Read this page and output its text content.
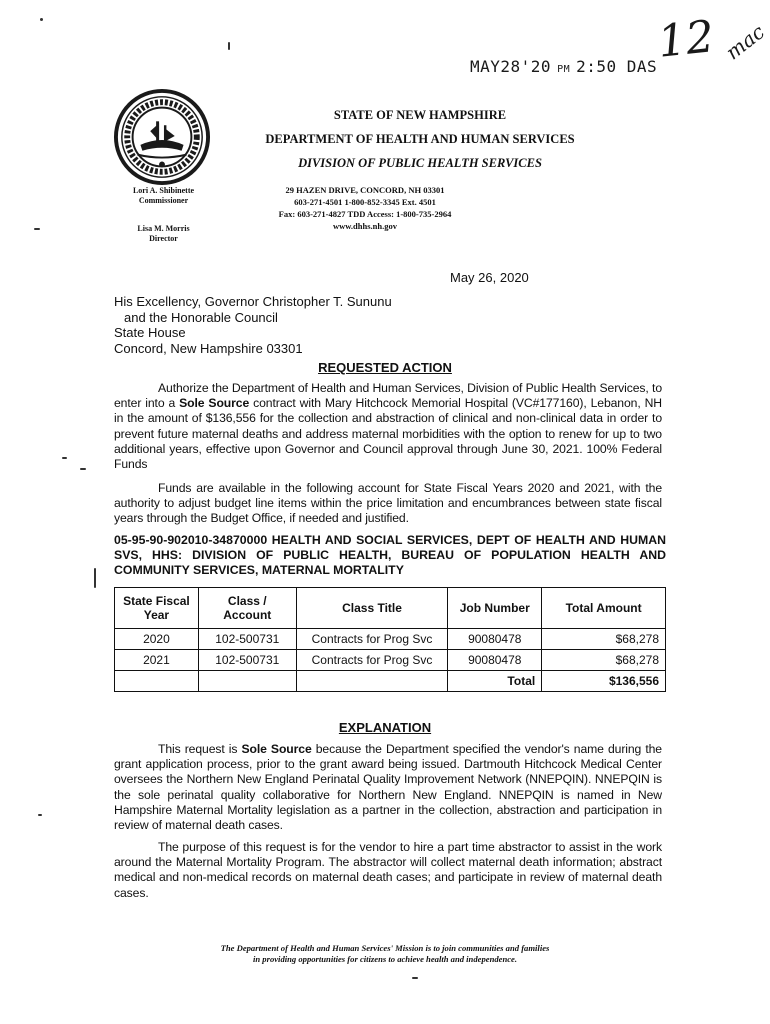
12 mac
MAY28'20 PM 2:50 DAS
STATE OF NEW HAMPSHIRE
DEPARTMENT OF HEALTH AND HUMAN SERVICES
DIVISION OF PUBLIC HEALTH SERVICES
29 HAZEN DRIVE, CONCORD, NH 03301
603-271-4501 1-800-852-3345 Ext. 4501
Fax: 603-271-4827 TDD Access: 1-800-735-2964
www.dhhs.nh.gov
Lori A. Shibinette
Commissioner
Lisa M. Morris
Director
May 26, 2020
His Excellency, Governor Christopher T. Sununu
and the Honorable Council
State House
Concord, New Hampshire 03301
REQUESTED ACTION
Authorize the Department of Health and Human Services, Division of Public Health Services, to enter into a Sole Source contract with Mary Hitchcock Memorial Hospital (VC#177160), Lebanon, NH in the amount of $136,556 for the collection and abstraction of clinical and non-clinical data in order to prevent future maternal deaths and address maternal morbidities with the option to renew for up to two additional years, effective upon Governor and Council approval through June 30, 2021. 100% Federal Funds
Funds are available in the following account for State Fiscal Years 2020 and 2021, with the authority to adjust budget line items within the price limitation and encumbrances between state fiscal years through the Budget Office, if needed and justified.
05-95-90-902010-34870000 HEALTH AND SOCIAL SERVICES, DEPT OF HEALTH AND HUMAN SVS, HHS: DIVISION OF PUBLIC HEALTH, BUREAU OF POPULATION HEALTH AND COMMUNITY SERVICES, MATERNAL MORTALITY
State Fiscal Year	Class / Account	Class Title	Job Number	Total Amount
2020	102-500731	Contracts for Prog Svc	90080478	$68,278
2021	102-500731	Contracts for Prog Svc	90080478	$68,278
			Total	$136,556
EXPLANATION
This request is Sole Source because the Department specified the vendor's name during the grant application process, prior to the grant award being issued. Dartmouth Hitchcock Medical Center oversees the Northern New England Perinatal Quality Improvement Network (NNEPQIN). NNEPQIN is the sole perinatal quality collaborative for Northern New England. NNEPQIN is named in New Hampshire Maternal Mortality legislation as a partner in the collection, abstraction and participation in review of maternal death cases.
The purpose of this request is for the vendor to hire a part time abstractor to assist in the work around the Maternal Mortality Program. The abstractor will collect maternal death information; abstract medical and non-medical records on maternal death cases; and participate in review of maternal death cases.
The Department of Health and Human Services' Mission is to join communities and families
in providing opportunities for citizens to achieve health and independence.
